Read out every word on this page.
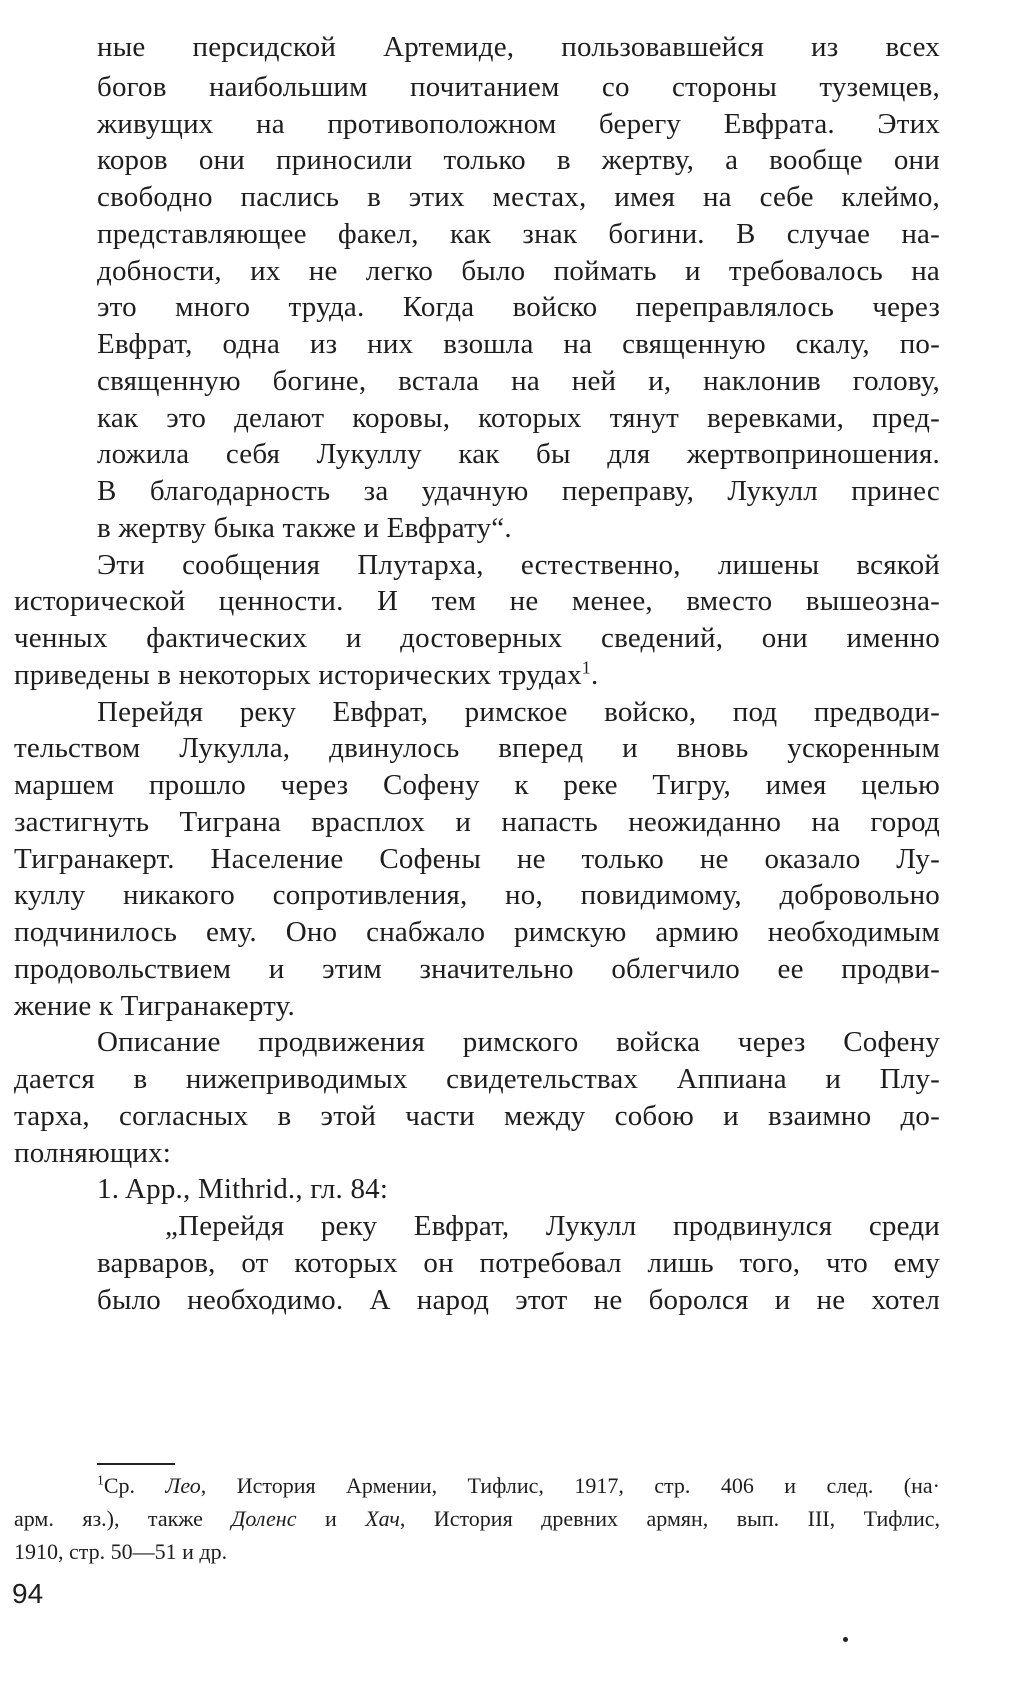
ные персидской Артемиде, пользовавшейся из всех
богов наибольшим почитанием со стороны туземцев,
живущих на противоположном берегу Евфрата. Этих
коров они приносили только в жертву, а вообще они
свободно паслись в этих местах, имея на себе клеймо,
представляющее факел, как знак богини. В случае на-
добности, их не легко было поймать и требовалось на
это много труда. Когда войско переправлялось через
Евфрат, одна из них взошла на священную скалу, по-
священную богине, встала на ней и, наклонив голову,
как это делают коровы, которых тянут веревками, пред-
ложила себя Лукуллу как бы для жертвоприношения.
В благодарность за удачную переправу, Лукулл принес
в жертву быка также и Евфрату“.
Эти сообщения Плутарха, естественно, лишены всякой
исторической ценности. И тем не менее, вместо вышеозна-
ченных фактических и достоверных сведений, они именно
приведены в некоторых исторических трудах$^1$.
Перейдя реку Евфрат, римское войско, под предводи-
тельством Лукулла, двинулось вперед и вновь ускоренным
маршем прошло через Софену к реке Тигру, имея целью
застигнуть Тиграна врасплох и напасть неожиданно на город
Тигранакерт. Население Софены не только не оказало Лу-
куллу никакого сопротивления, но, повидимому, добровольно
подчинилось ему. Оно снабжало римскую армию необходимым
продовольствием и этим значительно облегчило ее продви-
жение к Тигранакерту.
Описание продвижения римского войска через Софену
дается в нижеприводимых свидетельствах Аппиана и Плу-
тарха, согласных в этой части между собою и взаимно до-
полняющих:
1. App., Mithrid., гл. 84:
„Перейдя реку Евфрат, Лукулл продвинулся среди
варваров, от которых он потребовал лишь того, что ему
было необходимо. А народ этот не боролся и не хотел
$^1$Ср. Лео, История Армении, Тифлис, 1917, стр. 406 и след. (на·
арм. яз.), также Доленс и Хач, История древних армян, вып. III, Тифлис,
1910, стр. 50—51 и др.
94
